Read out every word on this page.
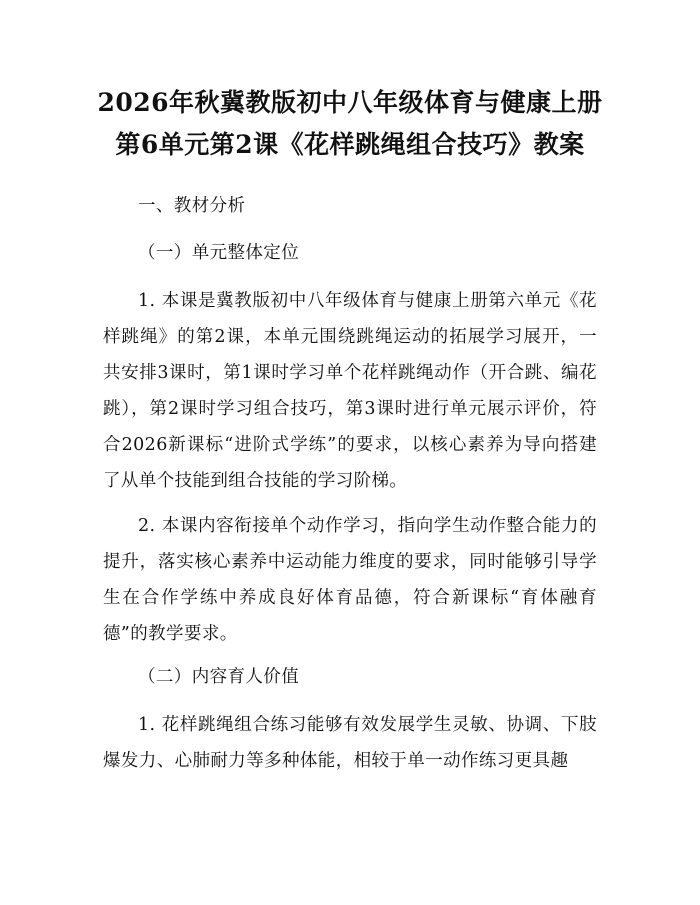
2026年秋冀教版初中八年级体育与健康上册
第6单元第2课《花样跳绳组合技巧》教案

一、教材分析

（一）单元整体定位

1. 本课是冀教版初中八年级体育与健康上册第六单元《花样跳绳》的第2课，本单元围绕跳绳运动的拓展学习展开，一共安排3课时，第1课时学习单个花样跳绳动作（开合跳、编花跳），第2课时学习组合技巧，第3课时进行单元展示评价，符合2026新课标“进阶式学练”的要求，以核心素养为导向搭建了从单个技能到组合技能的学习阶梯。

2. 本课内容衔接单个动作学习，指向学生动作整合能力的提升，落实核心素养中运动能力维度的要求，同时能够引导学生在合作学练中养成良好体育品德，符合新课标“育体融育德”的教学要求。

（二）内容育人价值

1. 花样跳绳组合练习能够有效发展学生灵敏、协调、下肢爆发力、心肺耐力等多种体能，相较于单一动作练习更具趣
